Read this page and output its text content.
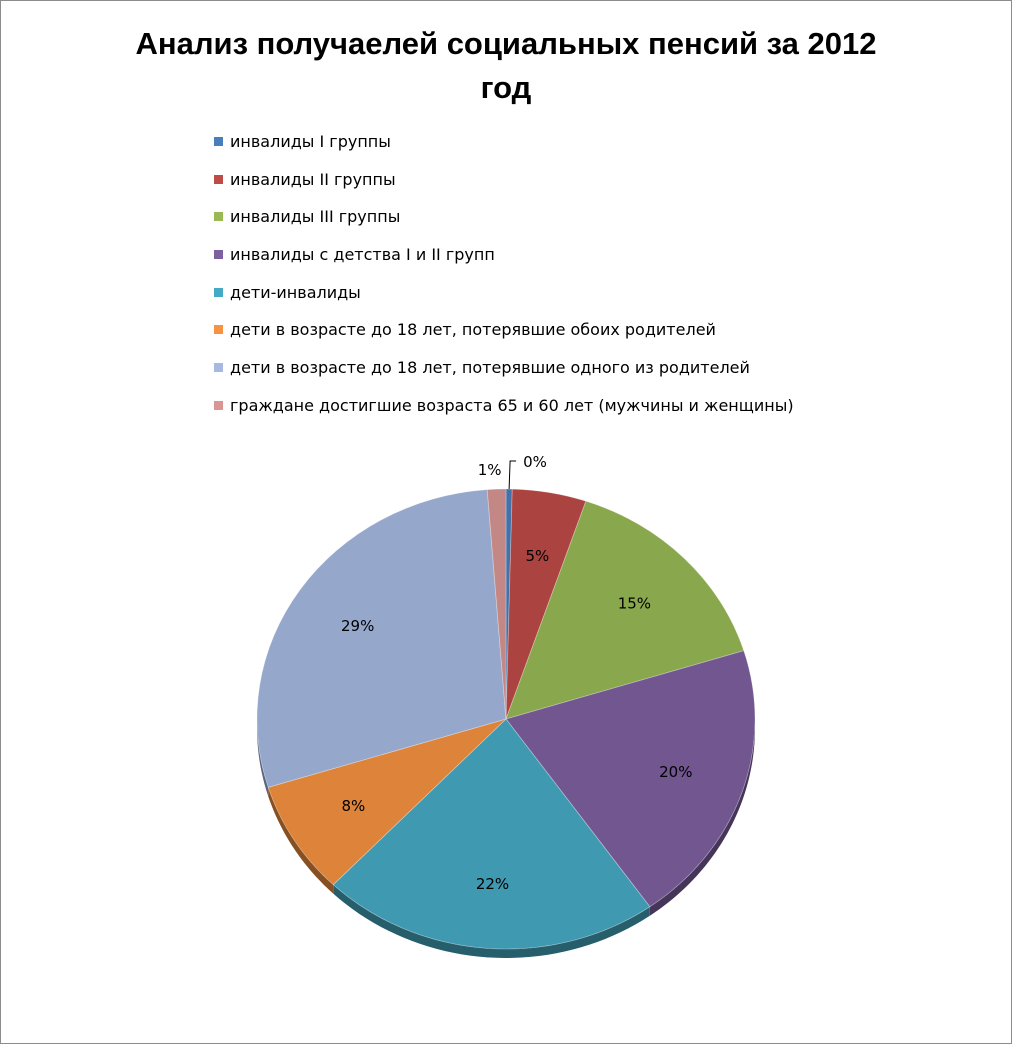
Анализ получаелей социальных пенсий за 2012
год
инвалиды I группы
инвалиды II группы
инвалиды III группы
инвалиды с детства I и II групп
дети-инвалиды
дети в возрасте до 18 лет, потерявшие обоих родителей
дети в возрасте до 18 лет, потерявшие одного из родителей
граждане достигшие возраста 65 и 60 лет (мужчины и женщины)
0%
5%
15%
20%
22%
8%
29%
1%
